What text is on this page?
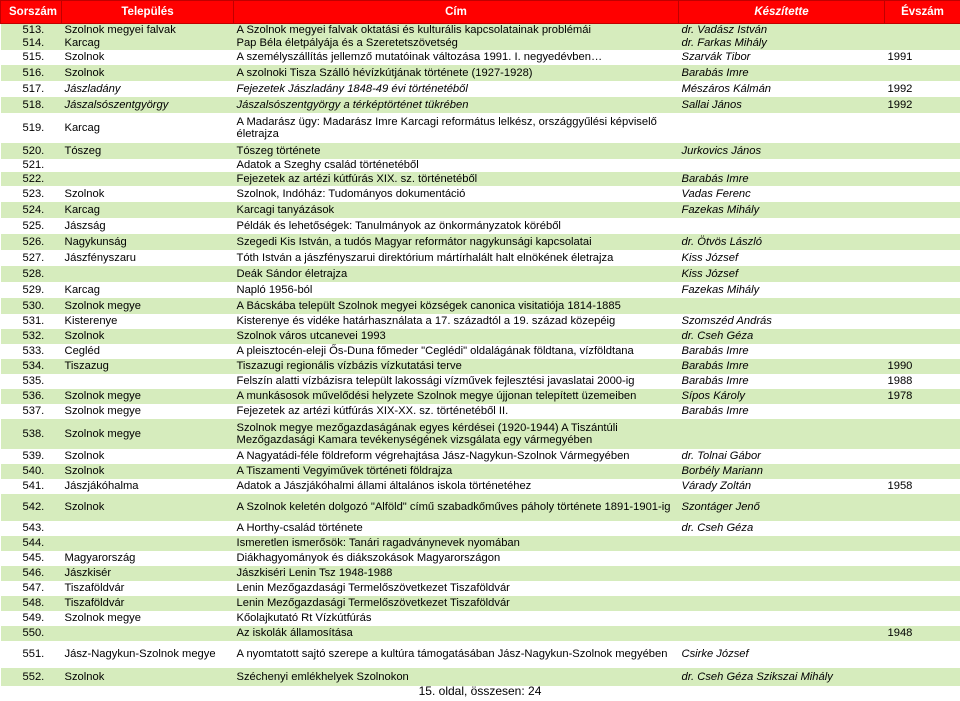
Sorszám	Település	Cím	Készítette	Évszám
513.	Szolnok megyei falvak	A Szolnok megyei falvak oktatási és kulturális kapcsolatainak problémái	dr. Vadász István	
514.	Karcag	Pap Béla életpályája és a Szeretetszövetség	dr. Farkas Mihály	
515.	Szolnok	A személyszállítás jellemző mutatóinak változása 1991. I. negyedévben…	Szarvák Tibor	1991
516.	Szolnok	A szolnoki Tisza Szálló hévízkútjának története (1927-1928)	Barabás Imre	
517.	Jászladány	Fejezetek Jászladány 1848-49 évi történetéből	Mészáros Kálmán	1992
518.	Jászalsószentgyörgy	Jászalsószentgyörgy a térképtörténet tükrében	Sallai János	1992
519.	Karcag	A Madarász ügy: Madarász Imre Karcagi református lelkész, országgyűlési képviselő életrajza		
520.	Tószeg	Tószeg története	Jurkovics János	
521.		Adatok a Szeghy család történetéből		
522.		Fejezetek az artézi kútfúrás XIX. sz. történetéből	Barabás Imre	
523.	Szolnok	Szolnok, Indóház: Tudományos dokumentáció	Vadas Ferenc	
524.	Karcag	Karcagi tanyázások	Fazekas Mihály	
525.	Jászság	Példák és lehetőségek: Tanulmányok az önkormányzatok köréből		
526.	Nagykunság	Szegedi Kis István, a tudós Magyar reformátor nagykunsági kapcsolatai	dr. Ötvös László	
527.	Jászfényszaru	Tóth István a jászfényszarui direktórium mártírhalált halt elnökének életrajza	Kiss József	
528.		Deák Sándor életrajza	Kiss József	
529.	Karcag	Napló 1956-ból	Fazekas Mihály	
530.	Szolnok megye	A Bácskába települt Szolnok megyei községek canonica visitatiója 1814-1885		
531.	Kisterenye	Kisterenye és vidéke határhasználata a 17. századtól a 19. század közepéig	Szomszéd András	
532.	Szolnok	Szolnok város utcanevei 1993	dr. Cseh Géza	
533.	Cegléd	A pleisztocén-eleji Ős-Duna főmeder "Ceglédi" oldalágának földtana, vízföldtana	Barabás Imre	
534.	Tiszazug	Tiszazugi regionális vízbázis vízkutatási terve	Barabás Imre	1990
535.		Felszín alatti vízbázisra települt lakossági vízművek fejlesztési javaslatai 2000-ig	Barabás Imre	1988
536.	Szolnok megye	A munkásosok művelődési helyzete Szolnok megye újjonan telepített üzemeiben	Sípos Károly	1978
537.	Szolnok megye	Fejezetek az artézi kútfúrás XIX-XX. sz. történetéből II.	Barabás Imre	
538.	Szolnok megye	Szolnok megye mezőgazdaságának egyes kérdései (1920-1944) A Tiszántúli Mezőgazdasági Kamara tevékenységének vizsgálata egy vármegyében		
539.	Szolnok	A Nagyatádi-féle földreform végrehajtása Jász-Nagykun-Szolnok Vármegyében	dr. Tolnai Gábor	
540.	Szolnok	A Tiszamenti Vegyiművek történeti földrajza	Borbély Mariann	
541.	Jászjákóhalma	Adatok a Jászjákóhalmi állami általános iskola történetéhez	Várady Zoltán	1958
542.	Szolnok	A Szolnok keletén dolgozó "Alföld" című szabadkőműves páholy története 1891-1901-ig	Szontáger Jenő	
543.		A Horthy-család története	dr. Cseh Géza	
544.		Ismeretlen ismerősök: Tanári ragadványnevek nyomában		
545.	Magyarország	Diákhagyományok és diákszokások Magyarországon		
546.	Jászkisér	Jászkiséri Lenin Tsz 1948-1988		
547.	Tiszaföldvár	Lenin Mezőgazdasági Termelőszövetkezet Tiszaföldvár		
548.	Tiszaföldvár	Lenin Mezőgazdasági Termelőszövetkezet Tiszaföldvár		
549.	Szolnok megye	Kőolajkutató Rt Vízkútfúrás		
550.		Az iskolák államosítása		1948
551.	Jász-Nagykun-Szolnok megye	A nyomtatott sajtó szerepe a kultúra támogatásában Jász-Nagykun-Szolnok megyében	Csirke József	
552.	Szolnok	Széchenyi emlékhelyek Szolnokon	dr. Cseh Géza Szikszai Mihály	
15. oldal, összesen: 24
